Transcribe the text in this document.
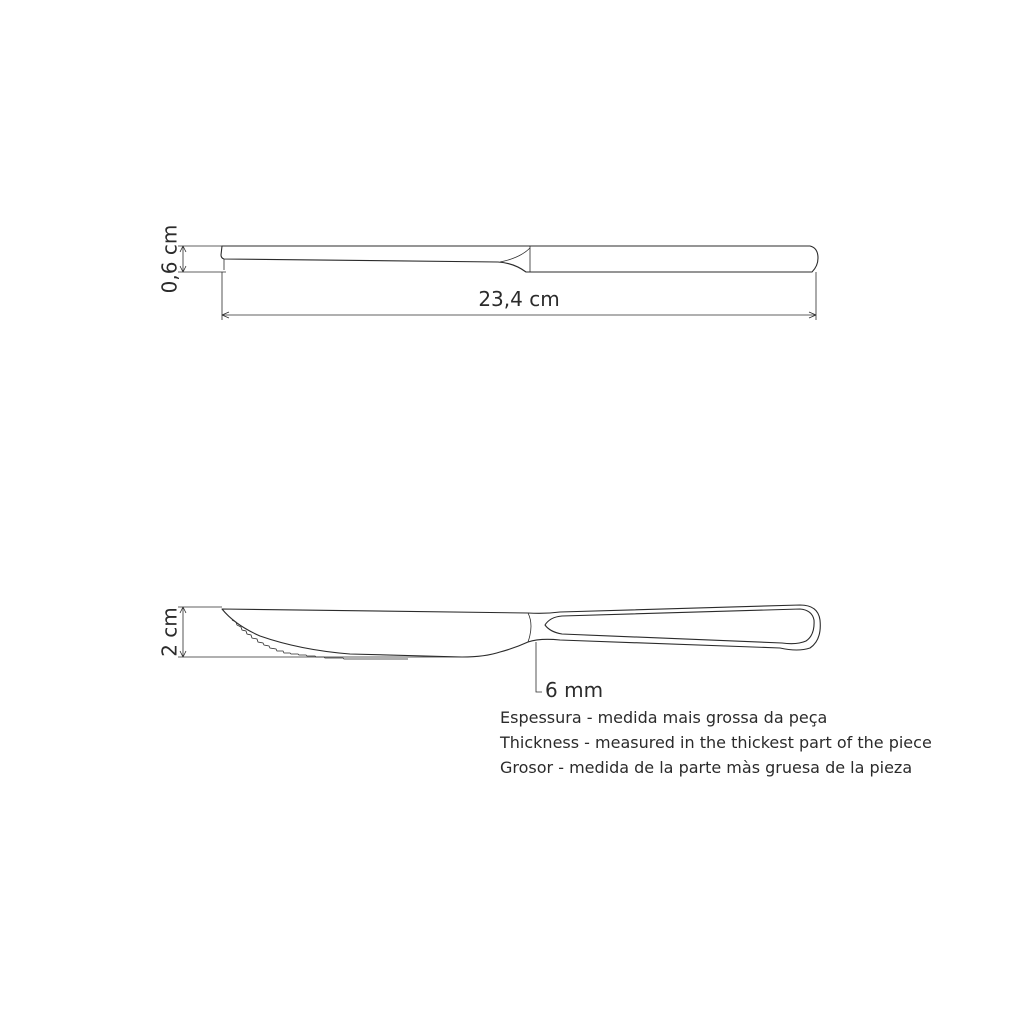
0,6 cm
23,4 cm
2 cm
6 mm
Espessura - medida mais grossa da peça
Thickness - measured in the thickest part of the piece
Grosor - medida de la parte màs gruesa de la pieza
